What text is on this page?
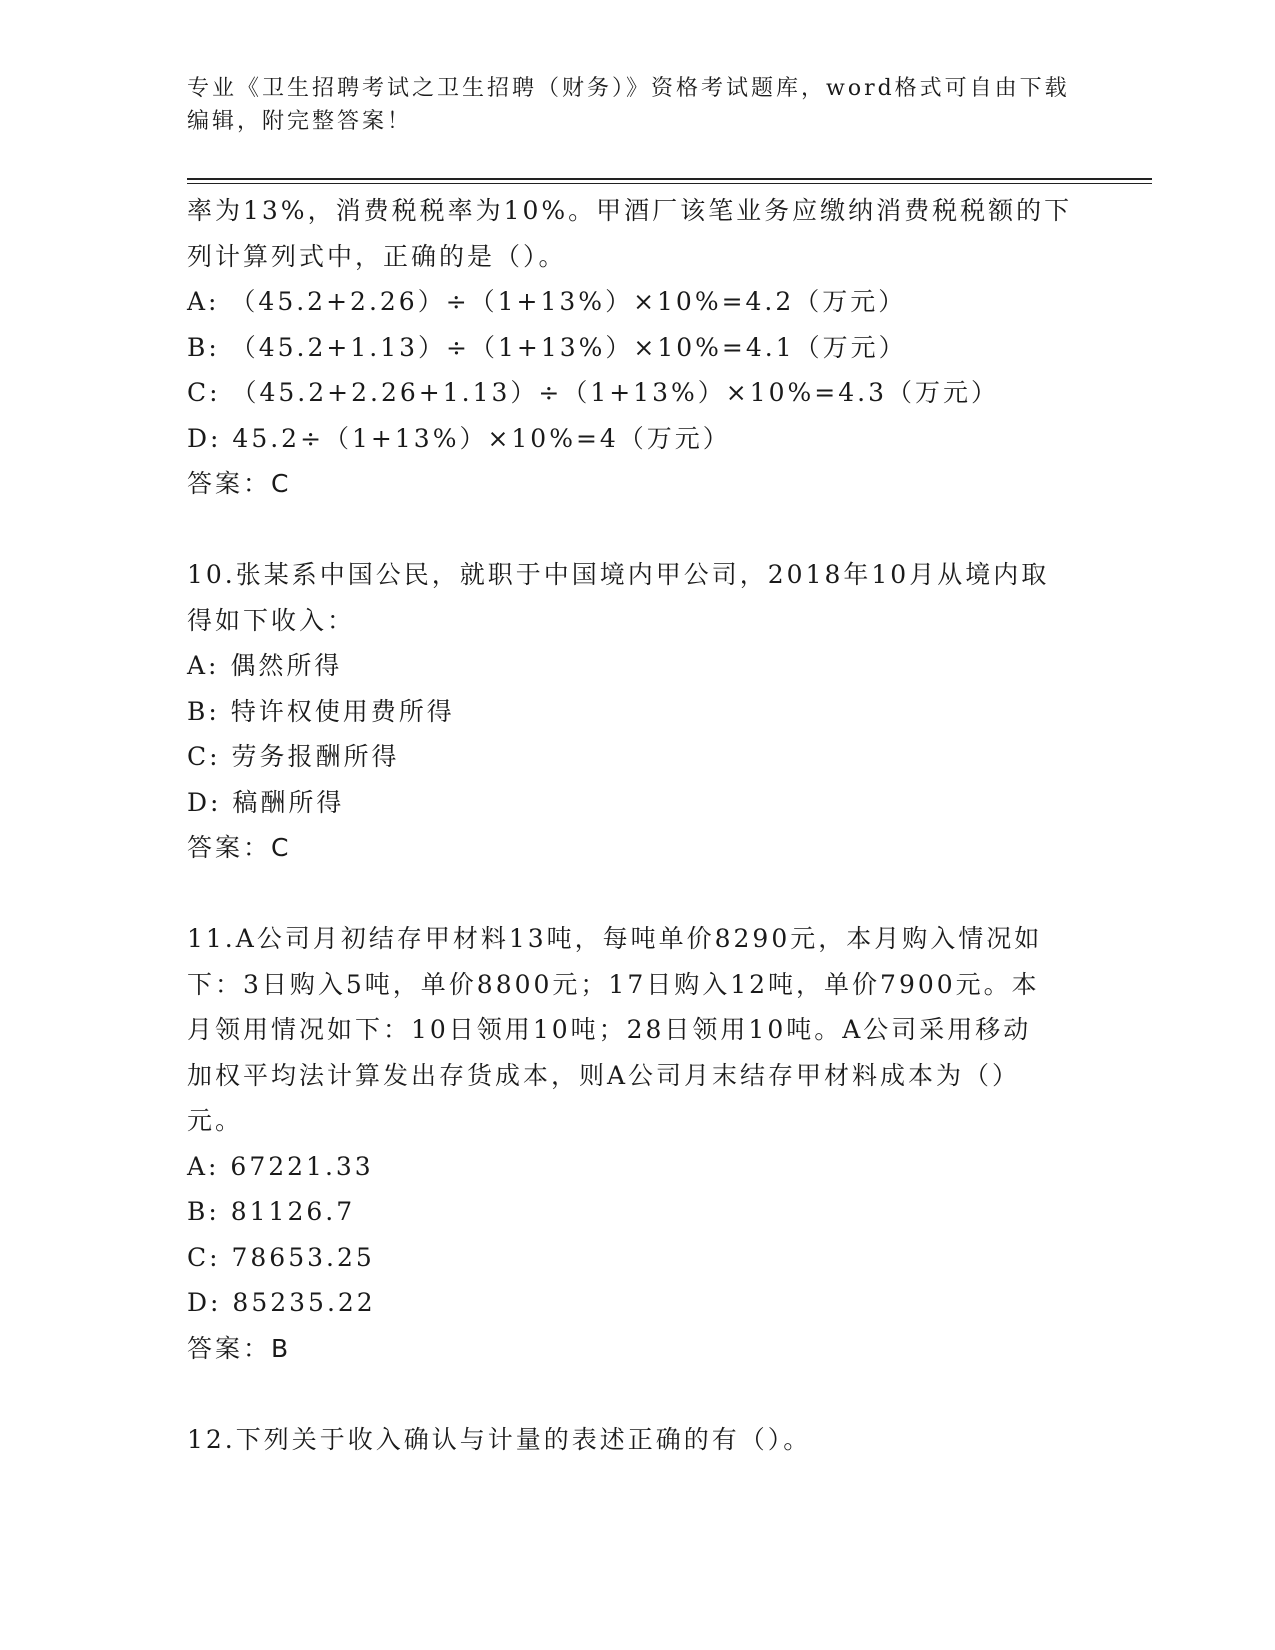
专业《卫生招聘考试之卫生招聘（财务）》资格考试题库，word格式可自由下载

编辑，附完整答案！

率为13%，消费税税率为10%。甲酒厂该笔业务应缴纳消费税税额的下

列计算列式中，正确的是（）。

A: （45.2+2.26）÷（1+13%）×10%=4.2（万元）

B: （45.2+1.13）÷（1+13%）×10%=4.1（万元）

C: （45.2+2.26+1.13）÷（1+13%）×10%=4.3（万元）

D: 45.2÷（1+13%）×10%=4（万元）

答案：C

10.张某系中国公民，就职于中国境内甲公司，2018年10月从境内取

得如下收入：

A: 偶然所得

B: 特许权使用费所得

C: 劳务报酬所得

D: 稿酬所得

答案：C

11.A公司月初结存甲材料13吨，每吨单价8290元，本月购入情况如

下：3日购入5吨，单价8800元；17日购入12吨，单价7900元。本

月领用情况如下：10日领用10吨；28日领用10吨。A公司采用移动

加权平均法计算发出存货成本，则A公司月末结存甲材料成本为（）

元。

A: 67221.33

B: 81126.7

C: 78653.25

D: 85235.22

答案：B

12.下列关于收入确认与计量的表述正确的有（）。
